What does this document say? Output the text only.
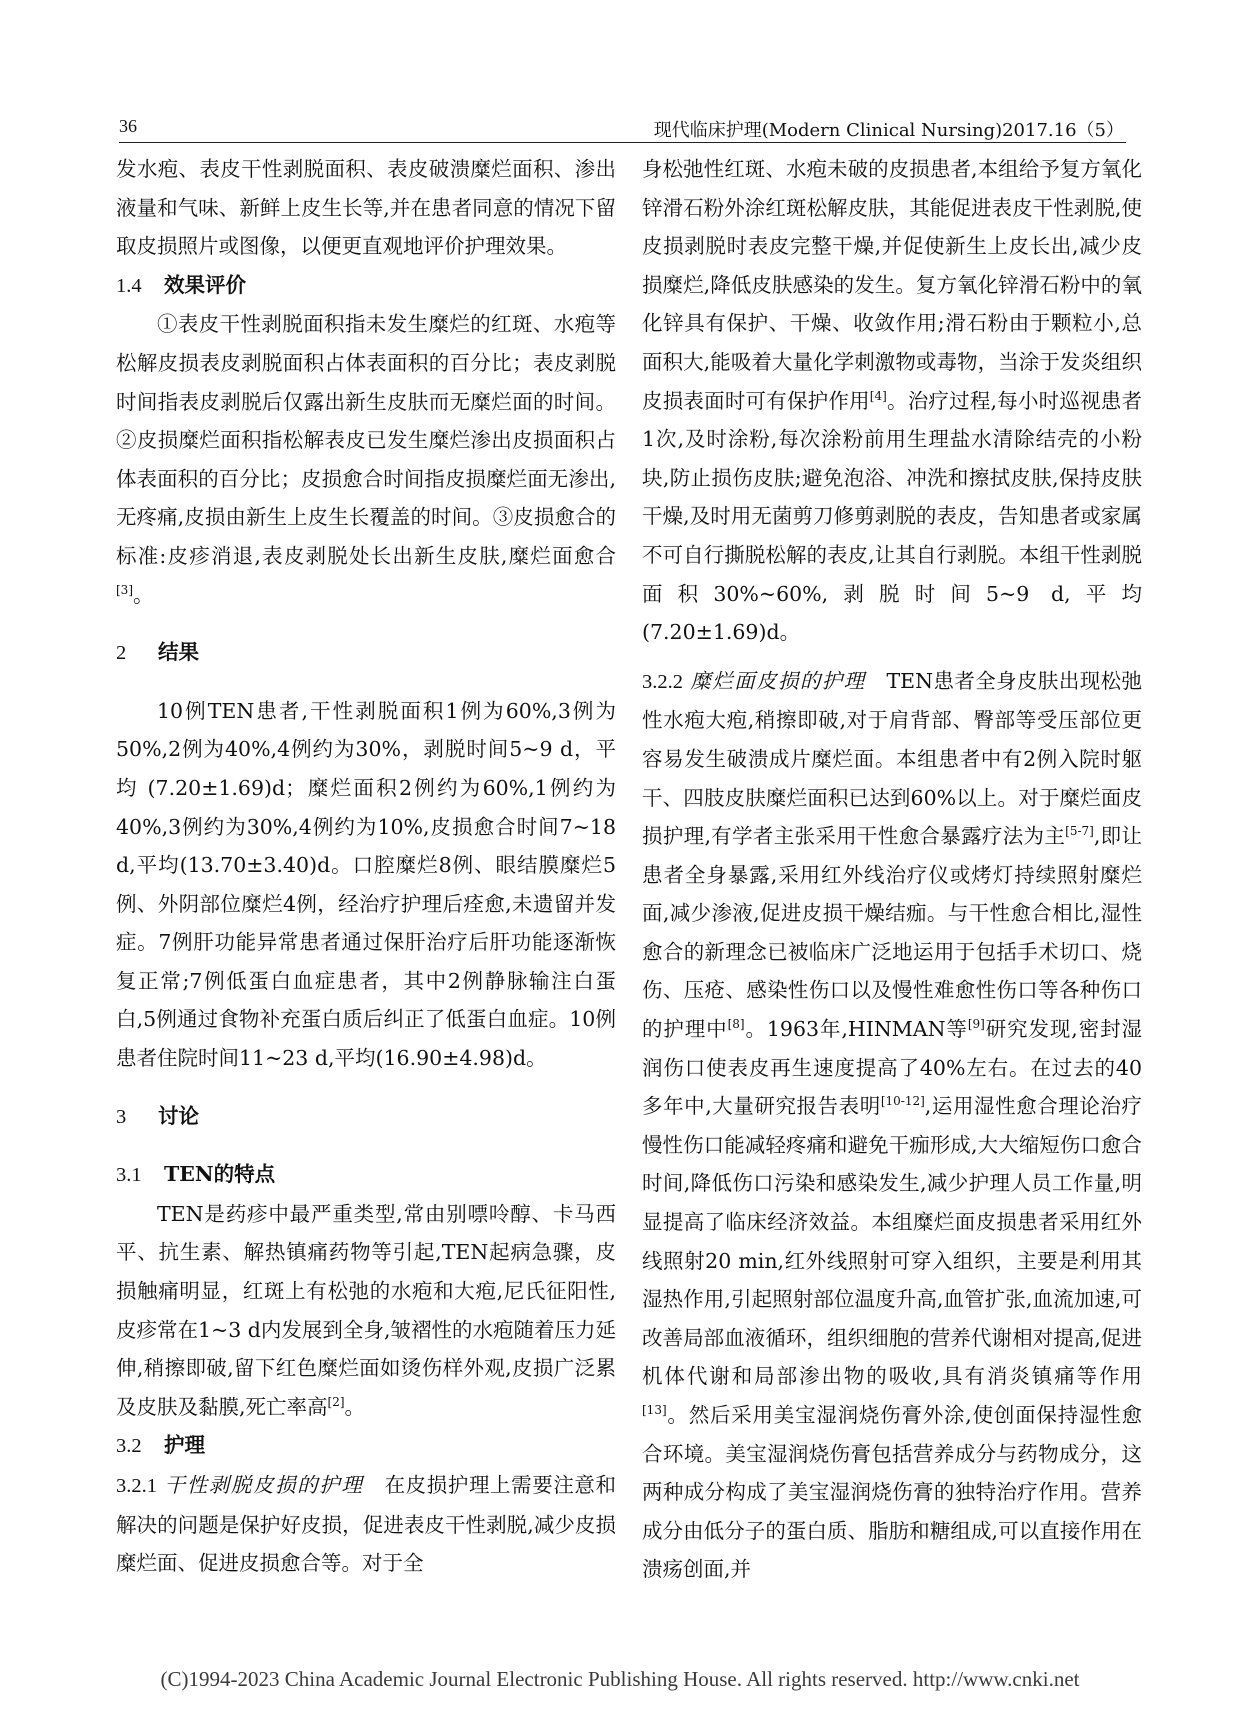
36	现代临床护理(Modern Clinical Nursing)2017.16（5）

发水疱、表皮干性剥脱面积、表皮破溃糜烂面积、渗出液量和气味、新鲜上皮生长等,并在患者同意的情况下留取皮损照片或图像，以便更直观地评价护理效果。

1.4 效果评价

①表皮干性剥脱面积指未发生糜烂的红斑、水疱等松解皮损表皮剥脱面积占体表面积的百分比；表皮剥脱时间指表皮剥脱后仅露出新生皮肤而无糜烂面的时间。②皮损糜烂面积指松解表皮已发生糜烂渗出皮损面积占体表面积的百分比；皮损愈合时间指皮损糜烂面无渗出,无疼痛,皮损由新生上皮生长覆盖的时间。③皮损愈合的标准:皮疹消退,表皮剥脱处长出新生皮肤,糜烂面愈合[3]。

2 结果

10例TEN患者,干性剥脱面积1例为60%,3例为50%,2例为40%,4例约为30%，剥脱时间5~9 d，平均 (7.20±1.69)d；糜烂面积2例约为60%,1例约为40%,3例约为30%,4例约为10%,皮损愈合时间7~18 d,平均(13.70±3.40)d。口腔糜烂8例、眼结膜糜烂5例、外阴部位糜烂4例，经治疗护理后痊愈,未遗留并发症。7例肝功能异常患者通过保肝治疗后肝功能逐渐恢复正常;7例低蛋白血症患者，其中2例静脉输注白蛋白,5例通过食物补充蛋白质后纠正了低蛋白血症。10例患者住院时间11~23 d,平均(16.90±4.98)d。

3 讨论
3.1 TEN的特点

TEN是药疹中最严重类型,常由别嘌呤醇、卡马西平、抗生素、解热镇痛药物等引起,TEN起病急骤，皮损触痛明显，红斑上有松弛的水疱和大疱,尼氏征阳性,皮疹常在1~3 d内发展到全身,皱褶性的水疱随着压力延伸,稍擦即破,留下红色糜烂面如烫伤样外观,皮损广泛累及皮肤及黏膜,死亡率高[2]。

3.2 护理

3.2.1 干性剥脱皮损的护理　 在皮损护理上需要注意和解决的问题是保护好皮损，促进表皮干性剥脱,减少皮损糜烂面、促进皮损愈合等。对于全

身松弛性红斑、水疱未破的皮损患者,本组给予复方氧化锌滑石粉外涂红斑松解皮肤，其能促进表皮干性剥脱,使皮损剥脱时表皮完整干燥,并促使新生上皮长出,减少皮损糜烂,降低皮肤感染的发生。复方氧化锌滑石粉中的氧化锌具有保护、干燥、收敛作用;滑石粉由于颗粒小,总面积大,能吸着大量化学刺激物或毒物，当涂于发炎组织皮损表面时可有保护作用[4]。治疗过程,每小时巡视患者1次,及时涂粉,每次涂粉前用生理盐水清除结壳的小粉块,防止损伤皮肤;避免泡浴、冲洗和擦拭皮肤,保持皮肤干燥,及时用无菌剪刀修剪剥脱的表皮，告知患者或家属不可自行撕脱松解的表皮,让其自行剥脱。本组干性剥脱面积30%~60%,剥脱时间5~9 d,平均(7.20±1.69)d。

3.2.2 糜烂面皮损的护理　 TEN患者全身皮肤出现松弛性水疱大疱,稍擦即破,对于肩背部、臀部等受压部位更容易发生破溃成片糜烂面。本组患者中有2例入院时躯干、四肢皮肤糜烂面积已达到60%以上。对于糜烂面皮损护理,有学者主张采用干性愈合暴露疗法为主[5-7],即让患者全身暴露,采用红外线治疗仪或烤灯持续照射糜烂面,减少渗液,促进皮损干燥结痂。与干性愈合相比,湿性愈合的新理念已被临床广泛地运用于包括手术切口、烧伤、压疮、感染性伤口以及慢性难愈性伤口等各种伤口的护理中[8]。1963年,HINMAN等[9]研究发现,密封湿润伤口使表皮再生速度提高了40%左右。在过去的40多年中,大量研究报告表明[10-12],运用湿性愈合理论治疗慢性伤口能减轻疼痛和避免干痂形成,大大缩短伤口愈合时间,降低伤口污染和感染发生,减少护理人员工作量,明显提高了临床经济效益。本组糜烂面皮损患者采用红外线照射20 min,红外线照射可穿入组织，主要是利用其湿热作用,引起照射部位温度升高,血管扩张,血流加速,可改善局部血液循环，组织细胞的营养代谢相对提高,促进机体代谢和局部渗出物的吸收,具有消炎镇痛等作用[13]。然后采用美宝湿润烧伤膏外涂,使创面保持湿性愈合环境。美宝湿润烧伤膏包括营养成分与药物成分，这两种成分构成了美宝湿润烧伤膏的独特治疗作用。营养成分由低分子的蛋白质、脂肪和糖组成,可以直接作用在溃疡创面,并

(C)1994-2023 China Academic Journal Electronic Publishing House. All rights reserved. http://www.cnki.net
